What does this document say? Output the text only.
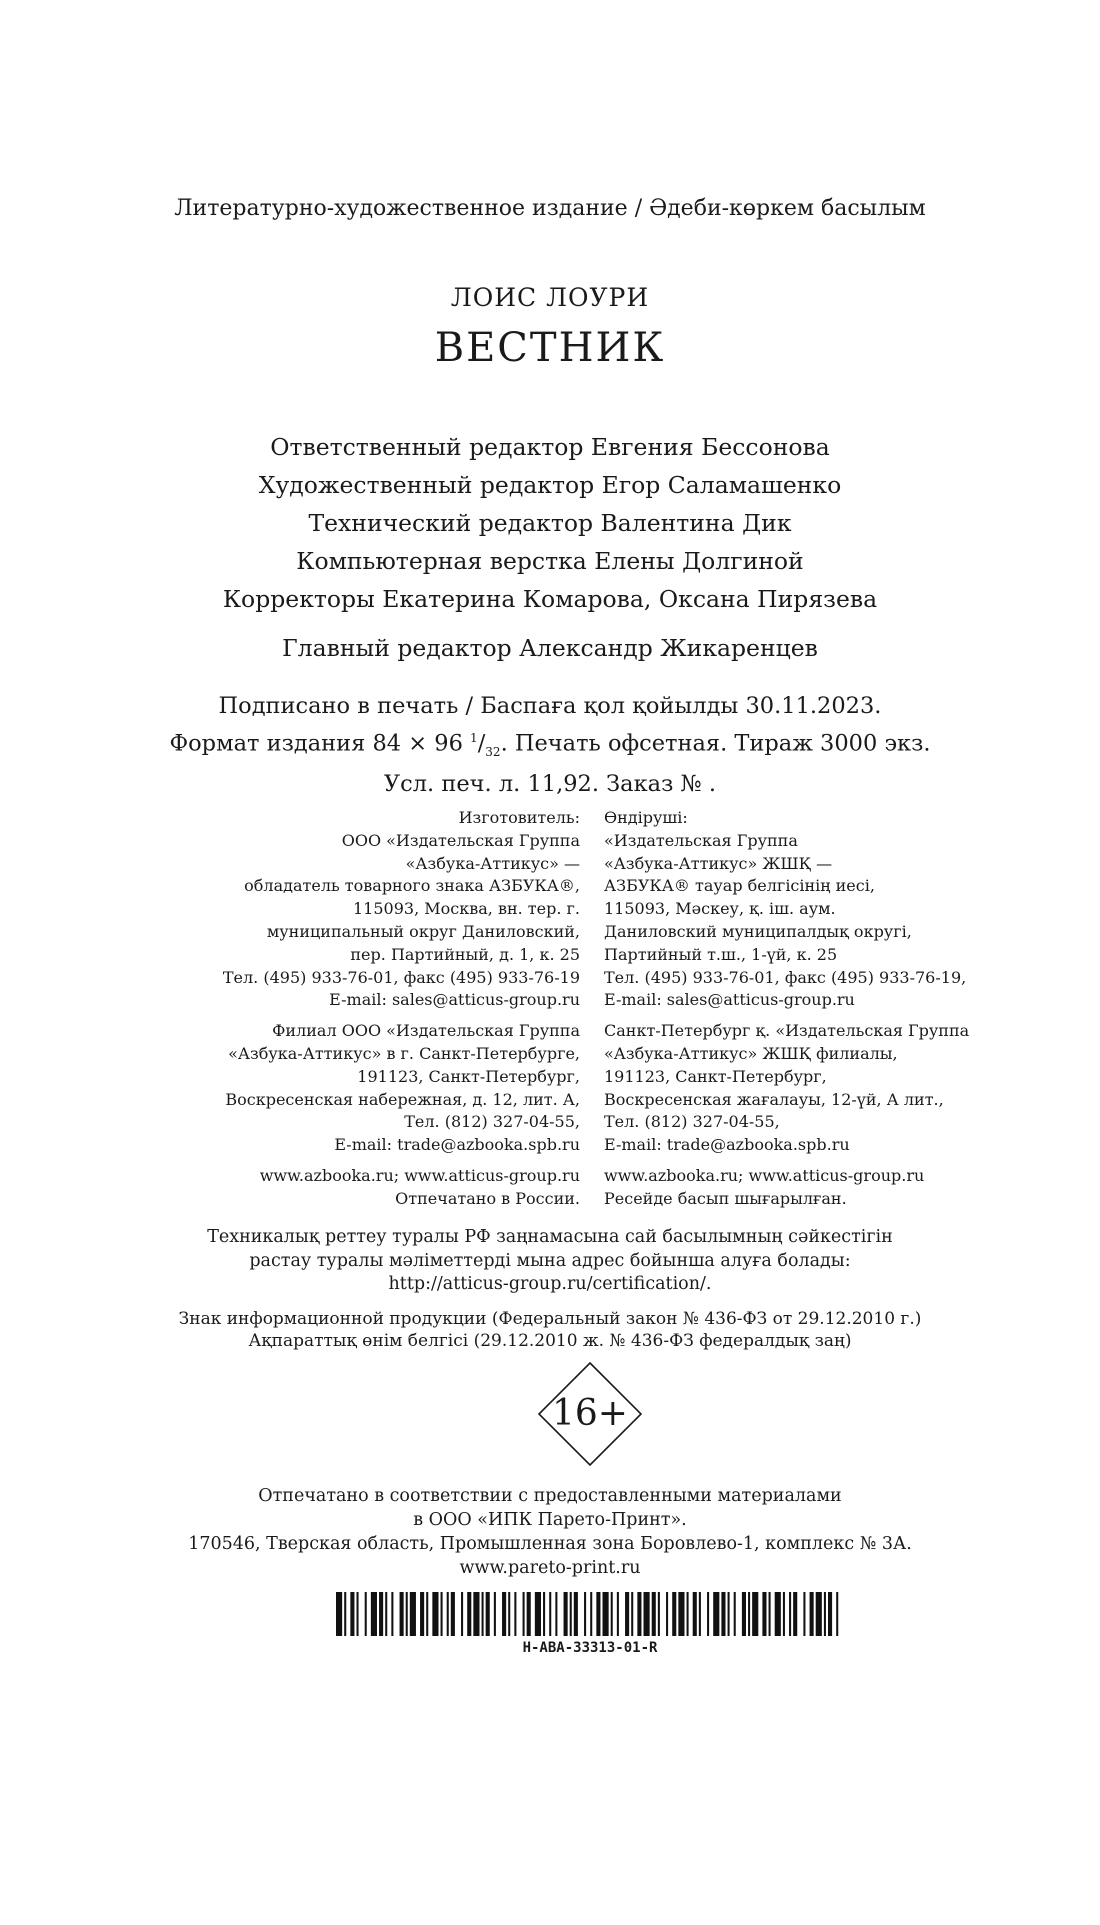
Литературно-художественное издание / Әдеби-көркем басылым
ЛОИС ЛОУРИ
ВЕСТНИК
Ответственный редактор Евгения Бессонова
Художественный редактор Егор Саламашенко
Технический редактор Валентина Дик
Компьютерная верстка Елены Долгиной
Корректоры Екатерина Комарова, Оксана Пирязева
Главный редактор Александр Жикаренцев
Подписано в печать / Баспаға қол қойылды 30.11.2023.
Формат издания 84 × 96 $^1/_{32}$. Печать офсетная. Тираж 3000 экз.
Усл. печ. л. 11,92. Заказ № .
Изготовитель:
ООО «Издательская Группа
«Азбука-Аттикус» —
обладатель товарного знака АЗБУКА®,
115093, Москва, вн. тер. г.
муниципальный округ Даниловский,
пер. Партийный, д. 1, к. 25
Тел. (495) 933-76-01, факс (495) 933-76-19
E-mail: sales@atticus-group.ru
Филиал ООО «Издательская Группа
«Азбука-Аттикус» в г. Санкт-Петербурге,
191123, Санкт-Петербург,
Воскресенская набережная, д. 12, лит. А,
Тел. (812) 327-04-55,
E-mail: trade@azbooka.spb.ru
www.azbooka.ru; www.atticus-group.ru
Отпечатано в России.
Өндіруші:
«Издательская Группа
«Азбука-Аттикус» ЖШҚ —
АЗБУКА® тауар белгісінің иесі,
115093, Мәскеу, қ. іш. аум.
Даниловский муниципалдық округі,
Партийный т.ш., 1-үй, к. 25
Тел. (495) 933-76-01, факс (495) 933-76-19,
E-mail: sales@atticus-group.ru
Санкт-Петербург қ. «Издательская Группа
«Азбука-Аттикус» ЖШҚ филиалы,
191123, Санкт-Петербург,
Воскресенская жағалауы, 12-үй, А лит.,
Тел. (812) 327-04-55,
E-mail: trade@azbooka.spb.ru
www.azbooka.ru; www.atticus-group.ru
Ресейде басып шығарылған.
Техникалық реттеу туралы РФ заңнамасына сай басылымның сәйкестігін
растау туралы мәліметтерді мына адрес бойынша алуға болады:
http://atticus-group.ru/certification/.
Знак информационной продукции (Федеральный закон № 436-ФЗ от 29.12.2010 г.)
Ақпараттық өнім белгісі (29.12.2010 ж. № 436-ФЗ федералдық заң)
16+
Отпечатано в соответствии с предоставленными материалами
в ООО «ИПК Парето-Принт».
170546, Тверская область, Промышленная зона Боровлево-1, комплекс № 3А.
www.pareto-print.ru
H-ABA-33313-01-R
